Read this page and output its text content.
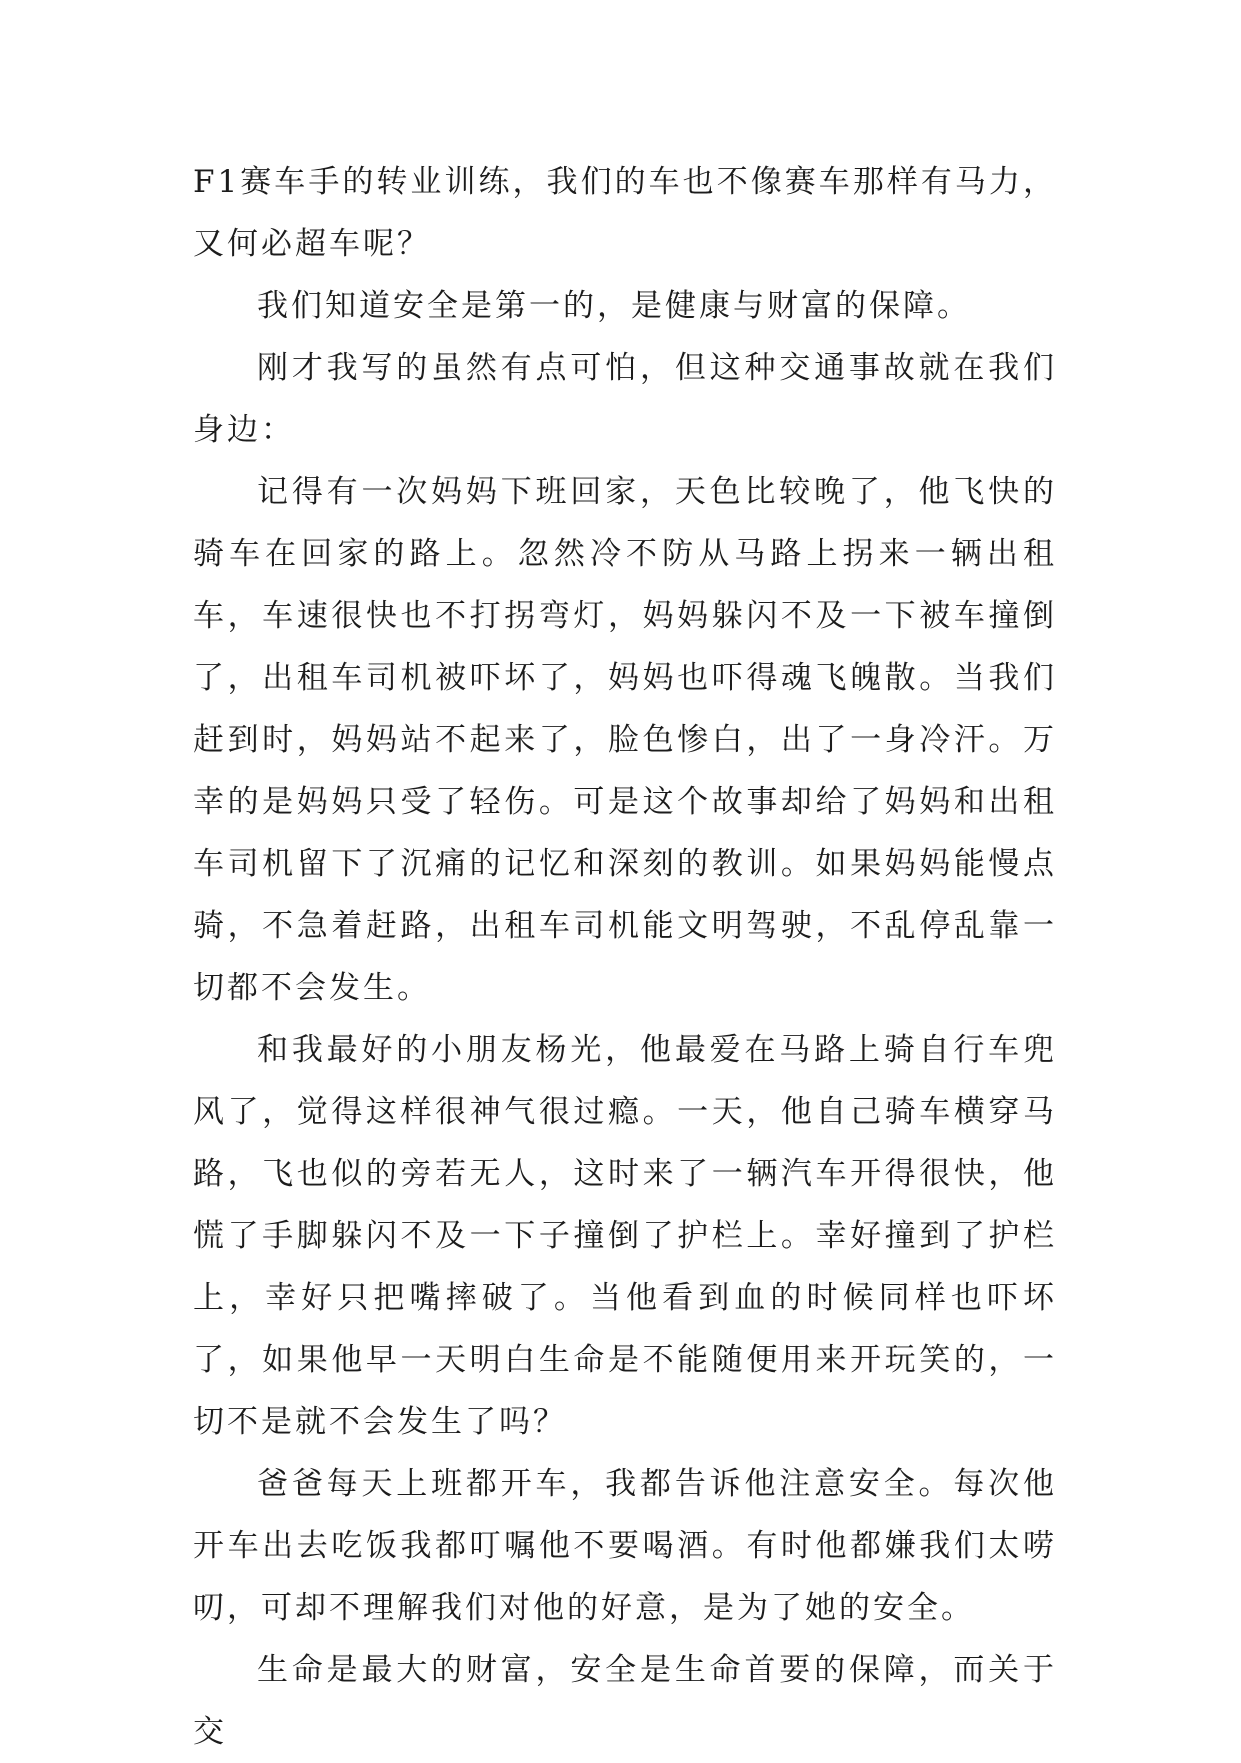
F1赛车手的转业训练，我们的车也不像赛车那样有马力，又何必超车呢？

我们知道安全是第一的，是健康与财富的保障。

刚才我写的虽然有点可怕，但这种交通事故就在我们身边：

记得有一次妈妈下班回家，天色比较晚了，他飞快的骑车在回家的路上。忽然冷不防从马路上拐来一辆出租车，车速很快也不打拐弯灯，妈妈躲闪不及一下被车撞倒了，出租车司机被吓坏了，妈妈也吓得魂飞魄散。当我们赶到时，妈妈站不起来了，脸色惨白，出了一身冷汗。万幸的是妈妈只受了轻伤。可是这个故事却给了妈妈和出租车司机留下了沉痛的记忆和深刻的教训。如果妈妈能慢点骑，不急着赶路，出租车司机能文明驾驶，不乱停乱靠一切都不会发生。

和我最好的小朋友杨光，他最爱在马路上骑自行车兜风了，觉得这样很神气很过瘾。一天，他自己骑车横穿马路，飞也似的旁若无人，这时来了一辆汽车开得很快，他慌了手脚躲闪不及一下子撞倒了护栏上。幸好撞到了护栏上，幸好只把嘴摔破了。当他看到血的时候同样也吓坏了，如果他早一天明白生命是不能随便用来开玩笑的，一切不是就不会发生了吗？

爸爸每天上班都开车，我都告诉他注意安全。每次他开车出去吃饭我都叮嘱他不要喝酒。有时他都嫌我们太唠叨，可却不理解我们对他的好意，是为了她的安全。

生命是最大的财富，安全是生命首要的保障，而关于交
